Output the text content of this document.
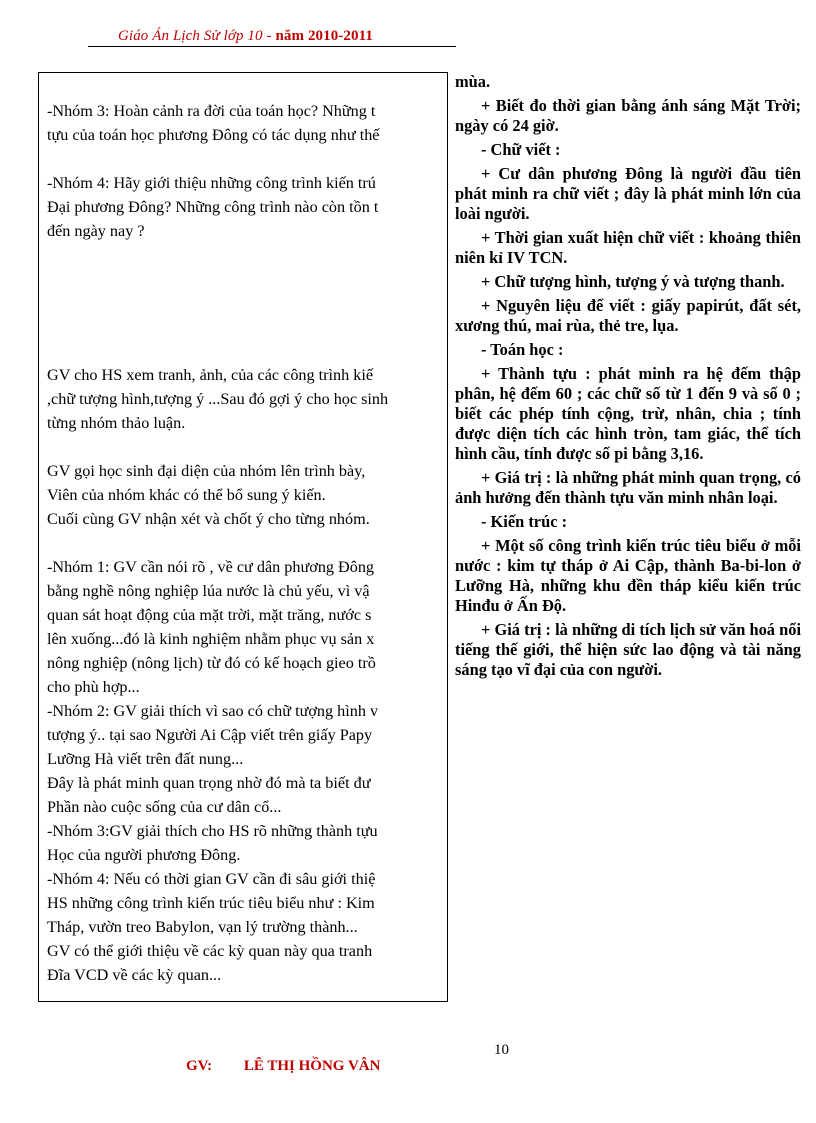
Giáo Án Lịch Sử lớp 10 - năm 2010-2011

-Nhóm 3: Hoàn cảnh ra đời của toán học? Những t

tựu của toán học phương Đông có tác dụng như thế

-Nhóm 4: Hãy giới thiệu những công trình kiến trú

Đại phương Đông? Những công trình nào còn tồn t

đến ngày nay ?

GV cho HS xem tranh, ảnh, của các công trình kiế

,chữ tượng hình,tượng ý ...Sau đó gợi ý cho học sinh

từng nhóm thảo luận.

GV gọi học sinh đại diện của nhóm lên trình bày,

Viên của nhóm khác có thể bổ sung ý kiến.

Cuối cùng GV nhận xét và chốt ý cho từng nhóm.

-Nhóm 1: GV cần nói rõ , về cư dân phương Đông

bằng nghề nông nghiệp lúa nước là chủ yếu, vì vậ

quan sát hoạt động của mặt trời, mặt trăng, nước s

lên xuống...đó là kinh nghiệm nhằm phục vụ sản x

nông nghiệp (nông lịch) từ đó có kế hoạch gieo trồ

cho phù hợp...

-Nhóm 2: GV giải thích vì sao có chữ tượng hình v

tượng ý.. tại sao Người Ai Cập viết trên giấy Papy

Lưỡng Hà viết trên đất nung...

Đây là phát minh quan trọng nhờ đó mà ta biết đư

Phần nào cuộc sống của cư dân cổ...

-Nhóm 3:GV giải thích cho HS rõ những thành tựu

Học của người phương Đông.

-Nhóm 4: Nếu có thời gian GV cần đi sâu giới thiệ

HS những công trình kiến trúc tiêu biểu như : Kim

Tháp, vườn treo Babylon, vạn lý trường thành...

GV có thể giới thiệu về các kỳ quan này qua tranh

Đĩa VCD về các kỳ quan...

mùa.

+ Biết đo thời gian bằng ánh sáng Mặt Trời; ngày có 24 giờ.

- Chữ viết :

+ Cư dân phương Đông là người đầu tiên phát minh ra chữ viết ; đây là phát minh lớn của loài người.

+ Thời gian xuất hiện chữ viết : khoảng thiên niên kỉ IV TCN.

+ Chữ tượng hình, tượng ý và tượng thanh.

+ Nguyên liệu để viết : giấy papirút, đất sét, xương thú, mai rùa, thẻ tre, lụa.

- Toán học :

+ Thành tựu : phát minh ra hệ đếm thập phân, hệ đếm 60 ; các chữ số từ 1 đến 9 và số 0 ; biết các phép tính cộng, trừ, nhân, chia ; tính được diện tích các hình tròn, tam giác, thể tích hình cầu, tính được số pi bằng 3,16.

+ Giá trị : là những phát minh quan trọng, có ảnh hưởng đến thành tựu văn minh nhân loại.

- Kiến trúc :

+ Một số công trình kiến trúc tiêu biểu ở mỗi nước : kim tự tháp ở Ai Cập, thành Ba-bi-lon ở Lưỡng Hà, những khu đền tháp kiểu kiến trúc Hinđu ở Ấn Độ.

+ Giá trị : là những di tích lịch sử văn hoá nổi tiếng thế giới, thể hiện sức lao động và tài năng sáng tạo vĩ đại của con người.

10
GV: LÊ THỊ HỒNG VÂN
